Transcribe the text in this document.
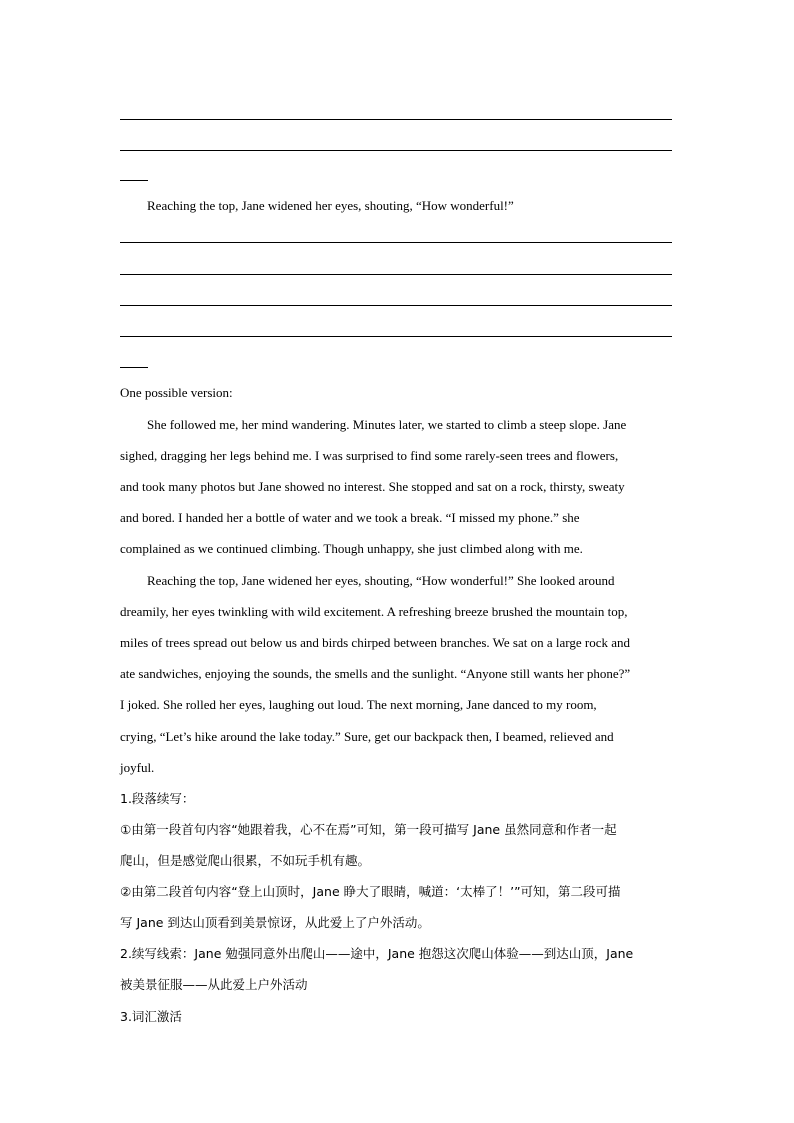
Reaching the top, Jane widened her eyes, shouting, “How wonderful!”
One possible version:
She followed me, her mind wandering. Minutes later, we started to climb a steep slope. Jane
sighed, dragging her legs behind me. I was surprised to find some rarely-seen trees and flowers,
and took many photos but Jane showed no interest. She stopped and sat on a rock, thirsty, sweaty
and bored. I handed her a bottle of water and we took a break. “I missed my phone.” she
complained as we continued climbing. Though unhappy, she just climbed along with me.
Reaching the top, Jane widened her eyes, shouting, “How wonderful!” She looked around
dreamily, her eyes twinkling with wild excitement. A refreshing breeze brushed the mountain top,
miles of trees spread out below us and birds chirped between branches. We sat on a large rock and
ate sandwiches, enjoying the sounds, the smells and the sunlight. “Anyone still wants her phone?”
I joked. She rolled her eyes, laughing out loud. The next morning, Jane danced to my room,
crying, “Let’s hike around the lake today.” Sure, get our backpack then, I beamed, relieved and
joyful.
1.段落续写：
①由第一段首句内容“她跟着我，心不在焉”可知，第一段可描写 Jane 虽然同意和作者一起
爬山，但是感觉爬山很累，不如玩手机有趣。
②由第二段首句内容“登上山顶时，Jane 睁大了眼睛，喊道：‘太棒了！’”可知，第二段可描
写 Jane 到达山顶看到美景惊讶，从此爱上了户外活动。
2.续写线索：Jane 勉强同意外出爬山——途中，Jane 抱怨这次爬山体验——到达山顶，Jane
被美景征服——从此爱上户外活动
3.词汇激活
